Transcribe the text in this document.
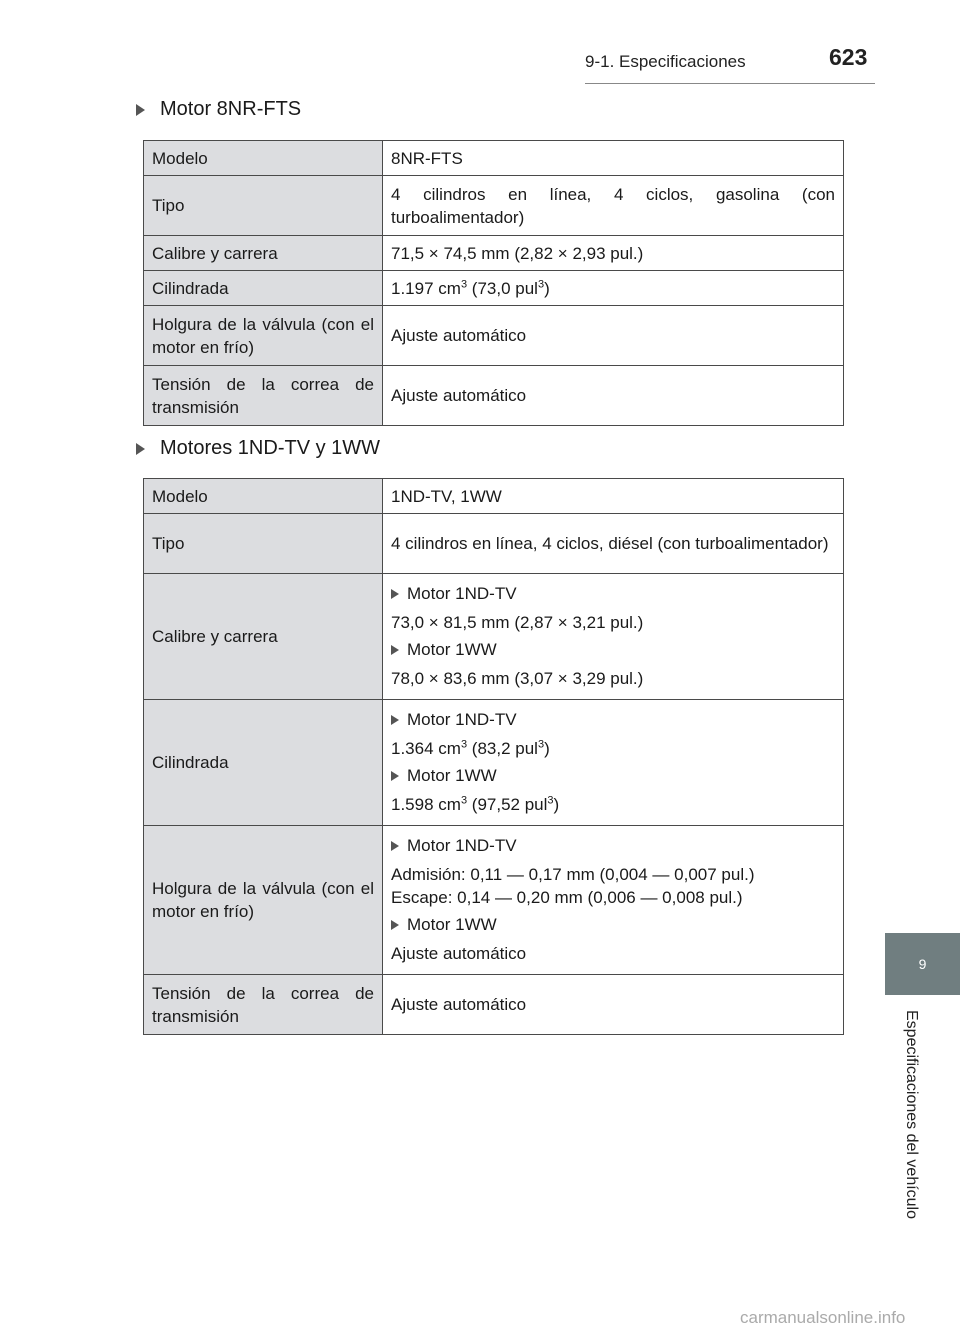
9-1. Especificaciones	623
Motor 8NR-FTS
Modelo	8NR-FTS
Tipo	4 cilindros en línea, 4 ciclos, gasolina (con turboalimentador)
Calibre y carrera	71,5 × 74,5 mm (2,82 × 2,93 pul.)
Cilindrada	1.197 $cm^3$ (73,0 pul$^3$)
Holgura de la válvula (con el motor en frío)	Ajuste automático
Tensión de la correa de transmisión	Ajuste automático
Motores 1ND-TV y 1WW
Modelo	1ND-TV, 1WW
Tipo	4 cilindros en línea, 4 ciclos, diésel (con turboalimentador)
Calibre y carrera	Motor 1ND-TV
73,0 × 81,5 mm (2,87 × 3,21 pul.)
Motor 1WW
78,0 × 83,6 mm (3,07 × 3,29 pul.)

Cilindrada	Motor 1ND-TV
1.364 $cm^3$ (83,2 pul$^3$)
Motor 1WW
1.598 $cm^3$ (97,52 pul$^3$)

Holgura de la válvula (con el motor en frío)	Motor 1ND-TV
Admisión: 0,11 — 0,17 mm (0,004 — 0,007 pul.)
Escape: 0,14 — 0,20 mm (0,006 — 0,008 pul.)
Motor 1WW
Ajuste automático

Tensión de la correa de transmisión	Ajuste automático
9
Especificaciones del vehículo
carmanualsonline.info
